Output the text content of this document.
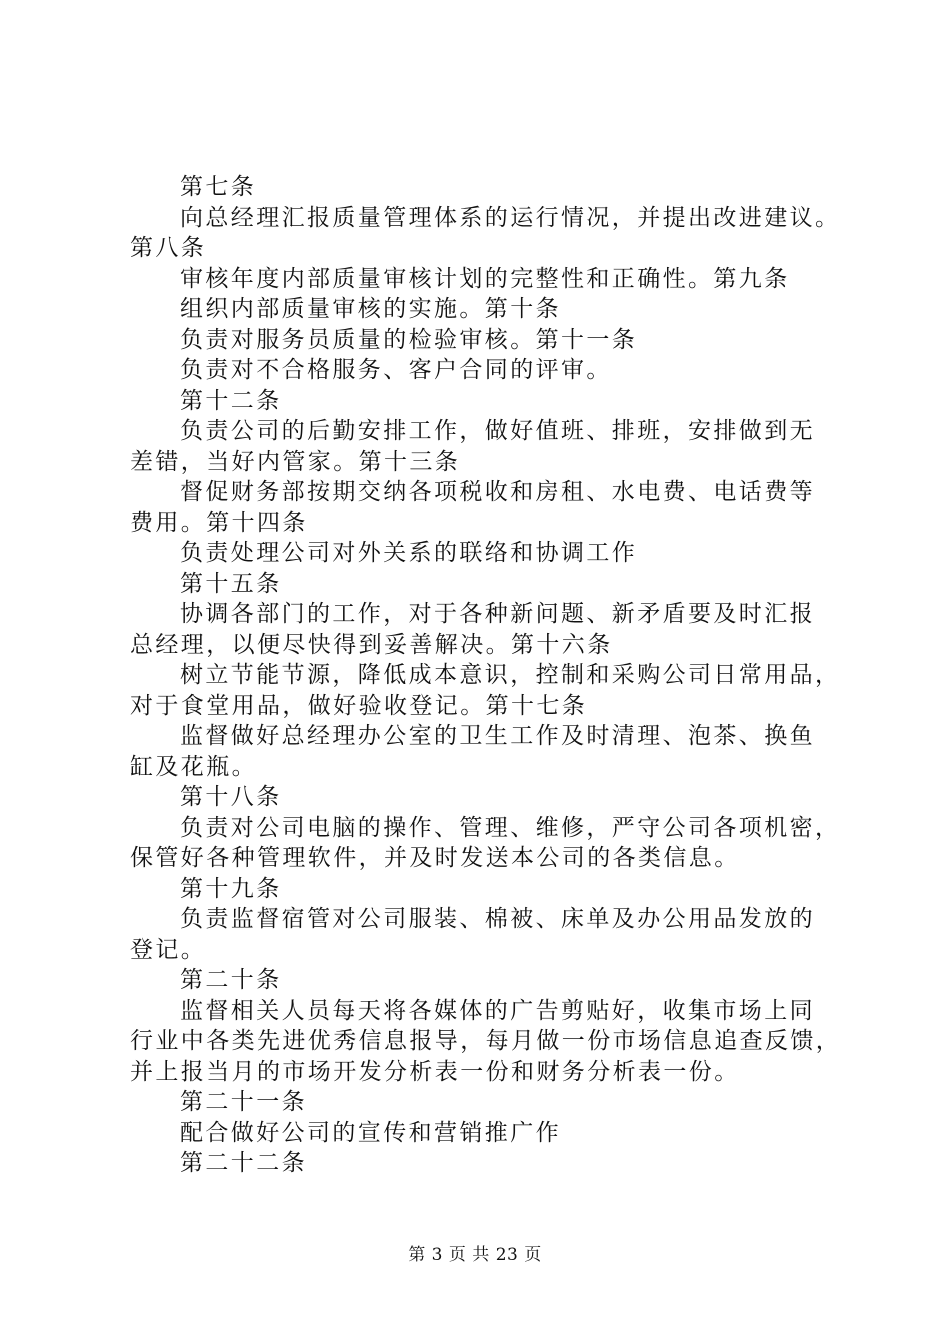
第七条
向总经理汇报质量管理体系的运行情况，并提出改进建议。
第八条
审核年度内部质量审核计划的完整性和正确性。第九条
组织内部质量审核的实施。第十条
负责对服务员质量的检验审核。第十一条
负责对不合格服务、客户合同的评审。
第十二条
负责公司的后勤安排工作，做好值班、排班，安排做到无
差错，当好内管家。第十三条
督促财务部按期交纳各项税收和房租、水电费、电话费等
费用。第十四条
负责处理公司对外关系的联络和协调工作
第十五条
协调各部门的工作，对于各种新问题、新矛盾要及时汇报
总经理，以便尽快得到妥善解决。第十六条
树立节能节源，降低成本意识，控制和采购公司日常用品，
对于食堂用品，做好验收登记。第十七条
监督做好总经理办公室的卫生工作及时清理、泡茶、换鱼
缸及花瓶。
第十八条
负责对公司电脑的操作、管理、维修，严守公司各项机密，
保管好各种管理软件，并及时发送本公司的各类信息。
第十九条
负责监督宿管对公司服装、棉被、床单及办公用品发放的
登记。
第二十条
监督相关人员每天将各媒体的广告剪贴好，收集市场上同
行业中各类先进优秀信息报导，每月做一份市场信息追查反馈，
并上报当月的市场开发分析表一份和财务分析表一份。
第二十一条
配合做好公司的宣传和营销推广作
第二十二条
第 3 页 共 23 页
